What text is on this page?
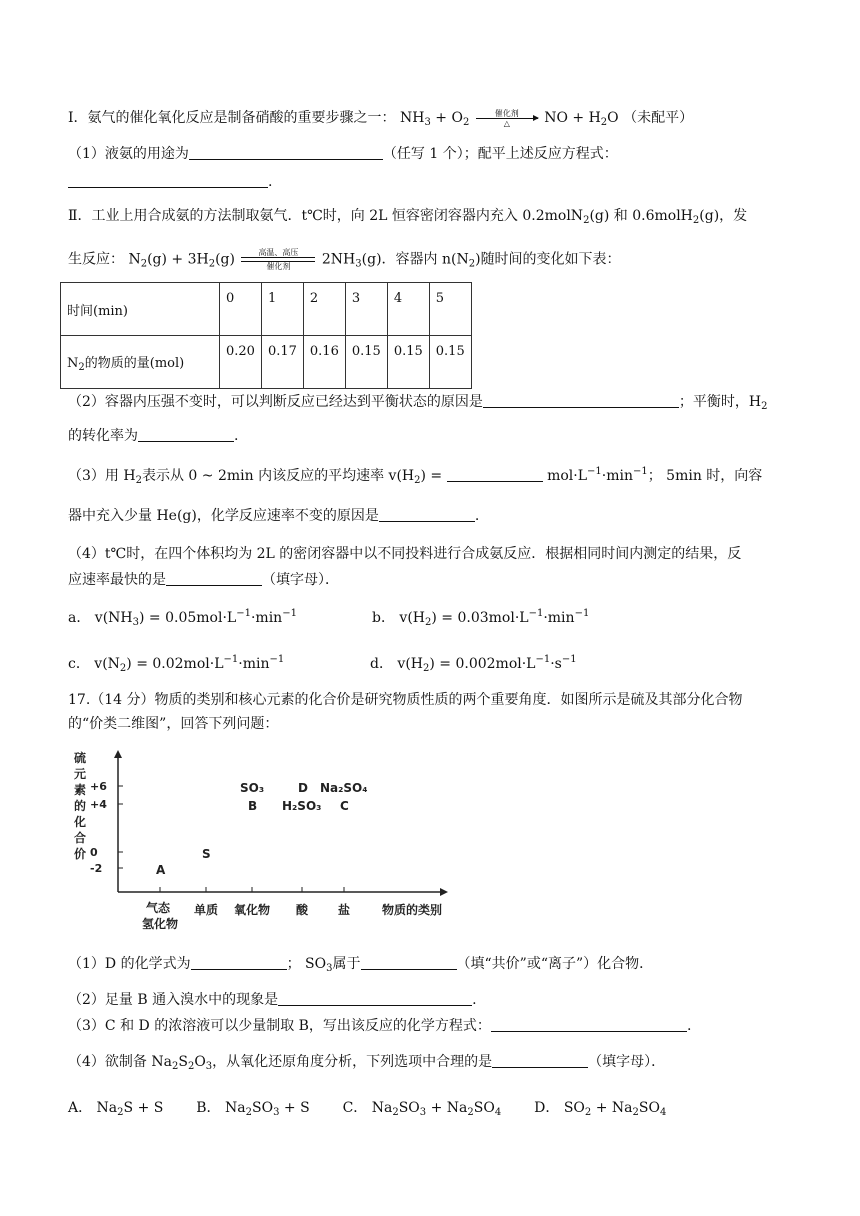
Ⅰ．氨气的催化氧化反应是制备硝酸的重要步骤之一： $NH_3 + O_2$
催化剂
△	NO + $H_2O$ （未配平）
（1）液氨的用途为	（任写 1 个）；配平上述反应方程式：
.
Ⅱ．工业上用合成氨的方法制取氨气．t℃时，向 2L 恒容密闭容器内充入 0.2molN$_2$(g) 和 0.6molH$_2$(g)，发
生反应： $N_2(g) + 3H_2(g)$	高温、高压
催化剂	$2NH_3(g)$．容器内 $n(N_2)$随时间的变化如下表：
时间(min)	0	1	2	3	4	5
$N_2$的物质的量(mol)	0.20	0.17	0.16	0.15	0.15	0.15
（2）容器内压强不变时，可以判断反应已经达到平衡状态的原因是	；平衡时，$H_2$
的转化率为	.
（3）用 $H_2$表示从 0 ~ 2min 内该反应的平均速率 $v(H_2)$ =	$mol\cdot L^{-1}\cdot\min^{-1}$； 5min 时，向容
器中充入少量 He(g)，化学反应速率不变的原因是	.
（4）t℃时，在四个体积均为 2L 的密闭容器中以不同投料进行合成氨反应．根据相同时间内测定的结果，反
应速率最快的是	（填字母）．
a． $v(NH_3) = 0.05mol\cdot L^{-1}\cdot\min^{-1}$	b． $v(H_2) = 0.03mol\cdot L^{-1}\cdot\min^{-1}$
c． $v(N_2) = 0.02mol\cdot L^{-1}\cdot\min^{-1}$	d． $v(H_2) = 0.002mol\cdot L^{-1}\cdot s^{-1}$
17.（14 分）物质的类别和核心元素的化合价是研究物质性质的两个重要角度．如图所示是硫及其部分化合物
的“价类二维图”，回答下列问题：
硫
元
素
的
化
合
价
+6
+4
0
-2
气态
氢化物
单质 氧化物 酸 盐
A
S
SO₃
B
D
H₂SO₃
Na₂SO₄
C
物质的类别
（1）D 的化学式为	； $SO_3$属于	（填“共价”或“离子”）化合物．
（2）足量 B 通入溴水中的现象是	.
（3）C 和 D 的浓溶液可以少量制取 B，写出该反应的化学方程式：	.
（4）欲制备 $Na_2S_2O_3$，从氧化还原角度分析，下列选项中合理的是	（填字母）．
A． $Na_2S + S$ B． $Na_2SO_3 + S$ C． $Na_2SO_3 + Na_2SO_4$ D． $SO_2 + Na_2SO_4$
